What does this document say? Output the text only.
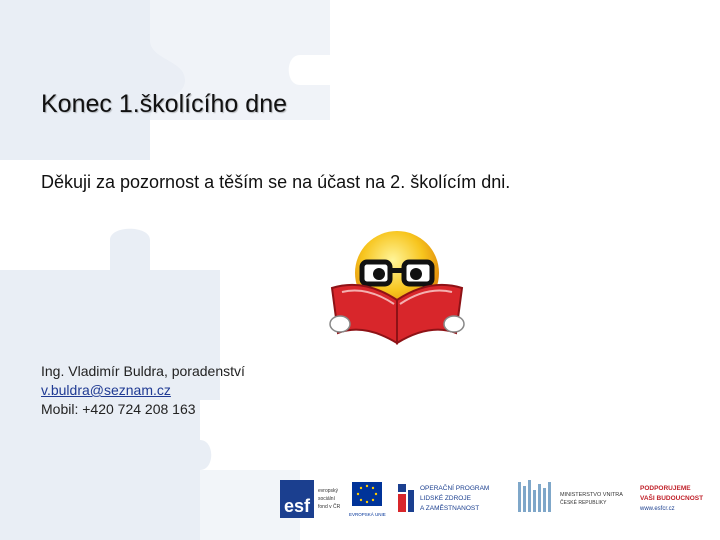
Konec 1.školícího dne
Děkuji za pozornost a těším se na účast na 2. školícím dni.
Ing. Vladimír Buldra, poradenství
v.buldra@seznam.cz
Mobil: +420 724 208 163
esf
evropský
sociální
fond v ČR
EVROPSKÁ UNIE
OPERAČNÍ PROGRAM
LIDSKÉ ZDROJE
A ZAMĚSTNANOST
MINISTERSTVO VNITRA
ČESKÉ REPUBLIKY
PODPORUJEME
VAŠI BUDOUCNOST
www.esfcr.cz
